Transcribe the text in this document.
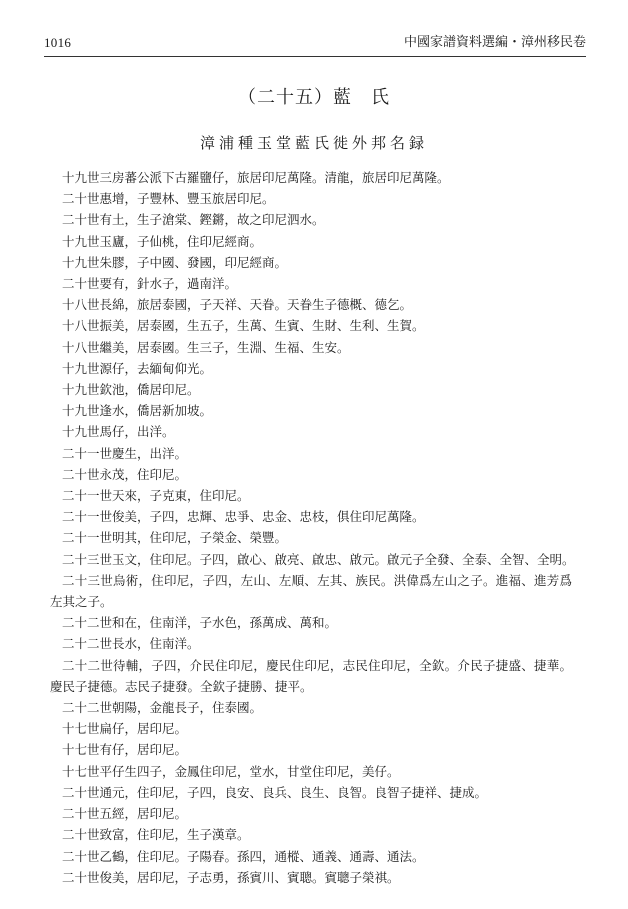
1016	中國家譜資料選編・漳州移民卷
（二十五）藍　氏
漳浦種玉堂藍氏徙外邦名録
十九世三房蕃公派下古羅鹽仔，旅居印尼萬隆。清龍，旅居印尼萬隆。
二十世惠增，子豐林、豐玉旅居印尼。
二十世有土，生子滄棠、鏗鏘，故之印尼泗水。
十九世玉廬，子仙桃，住印尼經商。
十九世朱膠，子中國、發國，印尼經商。
二十世要有，針水子，過南洋。
十八世長綿，旅居泰國，子天祥、天眷。天眷生子德概、德乞。
十八世振美，居泰國，生五子，生萬、生賓、生財、生利、生賀。
十八世繼美，居泰國。生三子，生淵、生福、生安。
十九世源仔，去緬甸仰光。
十九世欽池，僑居印尼。
十九世逢水，僑居新加坡。
十九世馬仔，出洋。
二十一世慶生，出洋。
二十世永茂，住印尼。
二十一世天來，子克東，住印尼。
二十一世俊美，子四，忠輝、忠爭、忠金、忠枝，俱住印尼萬隆。
二十一世明其，住印尼，子榮金、榮豐。
二十三世玉文，住印尼。子四，啟心、啟亮、啟忠、啟元。啟元子全發、全泰、全智、全明。
二十三世烏術，住印尼，子四，左山、左順、左其、族民。洪偉爲左山之子。進福、進芳爲左其之子。
二十二世和在，住南洋，子水色，孫萬成、萬和。
二十二世長水，住南洋。
二十二世待輔，子四，介民住印尼，慶民住印尼，志民住印尼，全欽。介民子捷盛、捷華。慶民子捷德。志民子捷發。全欽子捷勝、捷平。
二十二世朝陽，金龍長子，住泰國。
十七世扁仔，居印尼。
十七世有仔，居印尼。
十七世平仔生四子，金鳳住印尼，堂水，甘堂住印尼，美仔。
二十世通元，住印尼，子四，良安、良兵、良生、良智。良智子捷祥、捷成。
二十世五經，居印尼。
二十世致富，住印尼，生子漢章。
二十世乙鶴，住印尼。子陽春。孫四，通樅、通義、通壽、通法。
二十世俊美，居印尼，子志勇，孫賓川、賓聰。賓聰子榮祺。
